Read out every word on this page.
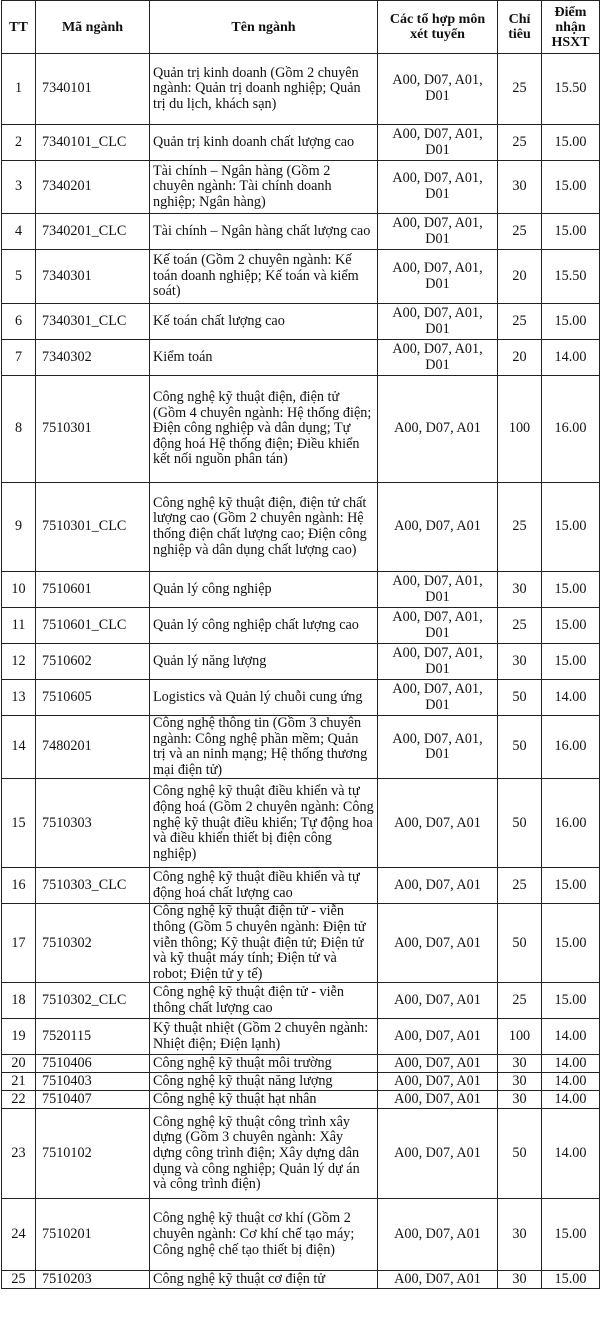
TT	Mã ngành	Tên ngành	Các tổ hợp môn xét tuyển	Chỉ tiêu	Điểm nhận HSXT
1	7340101	Quản trị kinh doanh (Gồm 2 chuyên ngành: Quản trị doanh nghiệp; Quản trị du lịch, khách sạn)	A00, D07, A01, D01	25	15.50
2	7340101_CLC	Quản trị kinh doanh chất lượng cao	A00, D07, A01, D01	25	15.00
3	7340201	Tài chính – Ngân hàng (Gồm 2 chuyên ngành: Tài chính doanh nghiệp; Ngân hàng)	A00, D07, A01, D01	30	15.00
4	7340201_CLC	Tài chính – Ngân hàng chất lượng cao	A00, D07, A01, D01	25	15.00
5	7340301	Kế toán (Gồm 2 chuyên ngành: Kế toán doanh nghiệp; Kế toán và kiểm soát)	A00, D07, A01, D01	20	15.50
6	7340301_CLC	Kế toán chất lượng cao	A00, D07, A01, D01	25	15.00
7	7340302	Kiểm toán	A00, D07, A01, D01	20	14.00
8	7510301	Công nghệ kỹ thuật điện, điện tử (Gồm 4 chuyên ngành: Hệ thống điện; Điện công nghiệp và dân dụng; Tự động hoá Hệ thống điện; Điều khiển kết nối nguồn phân tán)	A00, D07, A01	100	16.00
9	7510301_CLC	Công nghệ kỹ thuật điện, điện tử chất lượng cao (Gồm 2 chuyên ngành: Hệ thống điện chất lượng cao; Điện công nghiệp và dân dụng chất lượng cao)	A00, D07, A01	25	15.00
10	7510601	Quản lý công nghiệp	A00, D07, A01, D01	30	15.00
11	7510601_CLC	Quản lý công nghiệp chất lượng cao	A00, D07, A01, D01	25	15.00
12	7510602	Quản lý năng lượng	A00, D07, A01, D01	30	15.00
13	7510605	Logistics và Quản lý chuỗi cung ứng	A00, D07, A01, D01	50	14.00
14	7480201	Công nghệ thông tin (Gồm 3 chuyên ngành: Công nghệ phần mềm; Quản trị và an ninh mạng; Hệ thống thương mại điện tử)	A00, D07, A01, D01	50	16.00
15	7510303	Công nghệ kỹ thuật điều khiển và tự động hoá (Gồm 2 chuyên ngành: Công nghệ kỹ thuật điều khiển; Tự động hoa và điều khiển thiết bị điện công nghiệp)	A00, D07, A01	50	16.00
16	7510303_CLC	Công nghệ kỹ thuật điều khiển và tự động hoá chất lượng cao	A00, D07, A01	25	15.00
17	7510302	Công nghệ kỹ thuật điện tử - viễn thông (Gồm 5 chuyên ngành: Điện tử viễn thông; Kỹ thuật điện tử; Điện tử và kỹ thuật máy tính; Điện tử và robot; Điện tử y tế)	A00, D07, A01	50	15.00
18	7510302_CLC	Công nghệ kỹ thuật điện tử - viễn thông chất lượng cao	A00, D07, A01	25	15.00
19	7520115	Kỹ thuật nhiệt (Gồm 2 chuyên ngành: Nhiệt điện; Điện lạnh)	A00, D07, A01	100	14.00
20	7510406	Công nghệ kỹ thuật môi trường	A00, D07, A01	30	14.00
21	7510403	Công nghệ kỹ thuật năng lượng	A00, D07, A01	30	14.00
22	7510407	Công nghệ kỹ thuật hạt nhân	A00, D07, A01	30	14.00
23	7510102	Công nghệ kỹ thuật công trình xây dựng (Gồm 3 chuyên ngành: Xây dựng công trình điện; Xây dựng dân dụng và công nghiệp; Quản lý dự án và công trình điện)	A00, D07, A01	50	14.00
24	7510201	Công nghệ kỹ thuật cơ khí (Gồm 2 chuyên ngành: Cơ khí chế tạo máy; Công nghệ chế tạo thiết bị điện)	A00, D07, A01	30	15.00
25	7510203	Công nghệ kỹ thuật cơ điện tử	A00, D07, A01	30	15.00
